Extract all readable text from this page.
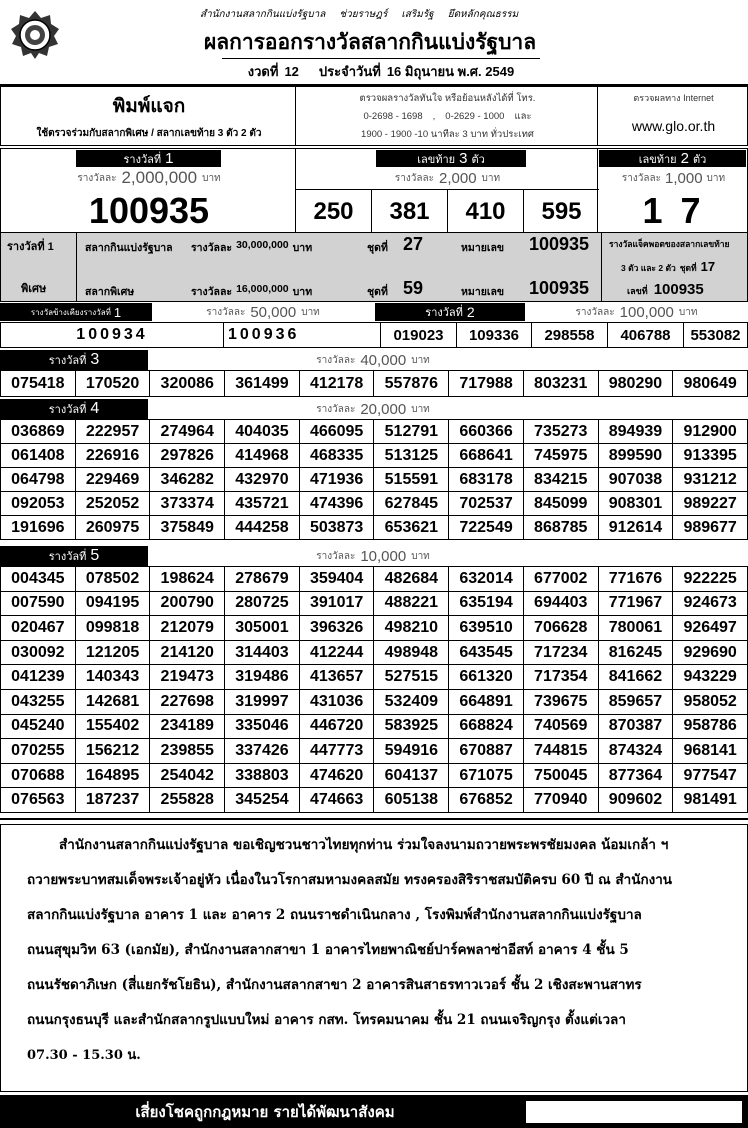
สำนักงานสลากกินแบ่งรัฐบาล ช่วยราษฎร์ เสริมรัฐ ยึดหลักคุณธรรม
ผลการออกรางวัลสลากกินแบ่งรัฐบาล
งวดที่ 12 ประจำวันที่ 16 มิถุนายน พ.ศ. 2549
พิมพ์แจก
ใช้ตรวจร่วมกับสลากพิเศษ / สลากเลขท้าย 3 ตัว 2 ตัว
ตรวจผลรางวัลทันใจ หรือย้อนหลังได้ที่ โทร.
0-2698 - 1698 , 0-2629 - 1000 และ
1900 - 1900 -10 นาทีละ 3 บาท ทั่วประเทศ
ตรวจผลทาง Internet
www.glo.or.th
รางวัลที่ 1
รางวัลละ 2,000,000 บาท
100935
เลขท้าย 3 ตัว
รางวัลละ 2,000 บาท
250	381	410	595
เลขท้าย 2 ตัว
รางวัลละ 1,000 บาท
1 7
รางวัลที่ 1
พิเศษ
สลากกินแบ่งรัฐบาล รางวัลละ 30,000,000 บาท	ชุดที่ 27	หมายเลข 100935
สลากพิเศษ	รางวัลละ 16,000,000 บาท	ชุดที่ 59	หมายเลข 100935
รางวัลแจ็คพอตของสลากเลขท้าย
3 ตัว และ 2 ตัว ชุดที่ 17
เลขที่ 100935
รางวัลข้างเคียงรางวัลที่ 1	รางวัลละ 50,000 บาท	รางวัลที่ 2	รางวัลละ 100,000 บาท
100934	100936	019023	109336	298558	406788	553082
รางวัลที่ 3	รางวัลละ 40,000 บาท
075418	170520	320086	361499	412178	557876	717988	803231	980290	980649
รางวัลที่ 4	รางวัลละ 20,000 บาท
036869	222957	274964	404035	466095	512791	660366	735273	894939	912900
061408	226916	297826	414968	468335	513125	668641	745975	899590	913395
064798	229469	346282	432970	471936	515591	683178	834215	907038	931212
092053	252052	373374	435721	474396	627845	702537	845099	908301	989227
191696	260975	375849	444258	503873	653621	722549	868785	912614	989677
รางวัลที่ 5	รางวัลละ 10,000 บาท
004345	078502	198624	278679	359404	482684	632014	677002	771676	922225
007590	094195	200790	280725	391017	488221	635194	694403	771967	924673
020467	099818	212079	305001	396326	498210	639510	706628	780061	926497
030092	121205	214120	314403	412244	498948	643545	717234	816245	929690
041239	140343	219473	319486	413657	527515	661320	717354	841662	943229
043255	142681	227698	319997	431036	532409	664891	739675	859657	958052
045240	155402	234189	335046	446720	583925	668824	740569	870387	958786
070255	156212	239855	337426	447773	594916	670887	744815	874324	968141
070688	164895	254042	338803	474620	604137	671075	750045	877364	977547
076563	187237	255828	345254	474663	605138	676852	770940	909602	981491
สำนักงานสลากกินแบ่งรัฐบาล ขอเชิญชวนชาวไทยทุกท่าน ร่วมใจลงนามถวายพระพรชัยมงคล น้อมเกล้า ฯ
ถวายพระบาทสมเด็จพระเจ้าอยู่หัว เนื่องในวโรกาสมหามงคลสมัย ทรงครองสิริราชสมบัติครบ 60 ปี ณ สำนักงาน
สลากกินแบ่งรัฐบาล อาคาร 1 และ อาคาร 2 ถนนราชดำเนินกลาง , โรงพิมพ์สำนักงานสลากกินแบ่งรัฐบาล
ถนนสุขุมวิท 63 (เอกมัย), สำนักงานสลากสาขา 1 อาคารไทยพาณิชย์ปาร์คพลาซ่าอีสท์ อาคาร 4 ชั้น 5
ถนนรัชดาภิเษก (สี่แยกรัชโยธิน), สำนักงานสลากสาขา 2 อาคารสินสาธรทาวเวอร์ ชั้น 2 เชิงสะพานสาทร
ถนนกรุงธนบุรี และสำนักสลากรูปแบบใหม่ อาคาร กสท. โทรคมนาคม ชั้น 21 ถนนเจริญกรุง ตั้งแต่เวลา
07.30 - 15.30 น.
เสี่ยงโชคถูกกฎหมาย รายได้พัฒนาสังคม
